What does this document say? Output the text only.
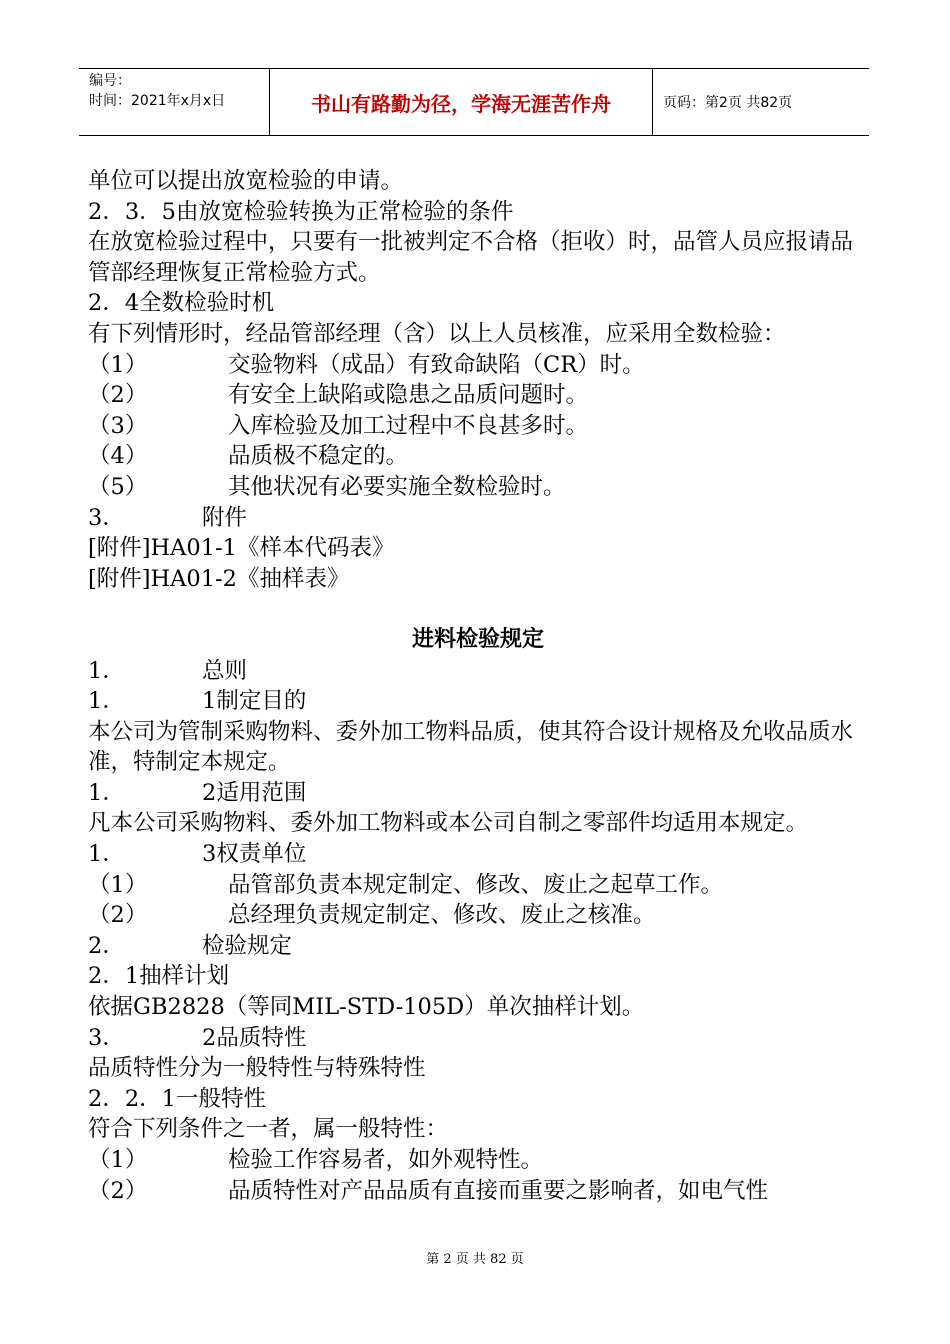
编号：
时间：2021年x月x日	书山有路勤为径，学海无涯苦作舟	页码：第2页 共82页
单位可以提出放宽检验的申请。
2．3．5由放宽检验转换为正常检验的条件
在放宽检验过程中，只要有一批被判定不合格（拒收）时，品管人员应报请品管部经理恢复正常检验方式。
2．4全数检验时机
有下列情形时，经品管部经理（含）以上人员核准，应采用全数检验：
（1）	交验物料（成品）有致命缺陷（CR）时。
（2）	有安全上缺陷或隐患之品质问题时。
（3）	入库检验及加工过程中不良甚多时。
（4）	品质极不稳定的。
（5）	其他状况有必要实施全数检验时。
3．	附件
[附件]HA01-1《样本代码表》
[附件]HA01-2《抽样表》
进料检验规定
1．	总则
1．	1制定目的
本公司为管制采购物料、委外加工物料品质，使其符合设计规格及允收品质水准，特制定本规定。
1．	2适用范围
凡本公司采购物料、委外加工物料或本公司自制之零部件均适用本规定。
1．	3权责单位
（1）	品管部负责本规定制定、修改、废止之起草工作。
（2）	总经理负责规定制定、修改、废止之核准。
2．	检验规定
2．1抽样计划
依据GB2828（等同MIL-STD-105D）单次抽样计划。
3．	2品质特性
品质特性分为一般特性与特殊特性
2．2．1一般特性
符合下列条件之一者，属一般特性：
（1）	检验工作容易者，如外观特性。
（2）	品质特性对产品品质有直接而重要之影响者，如电气性
第 2 页 共 82 页
